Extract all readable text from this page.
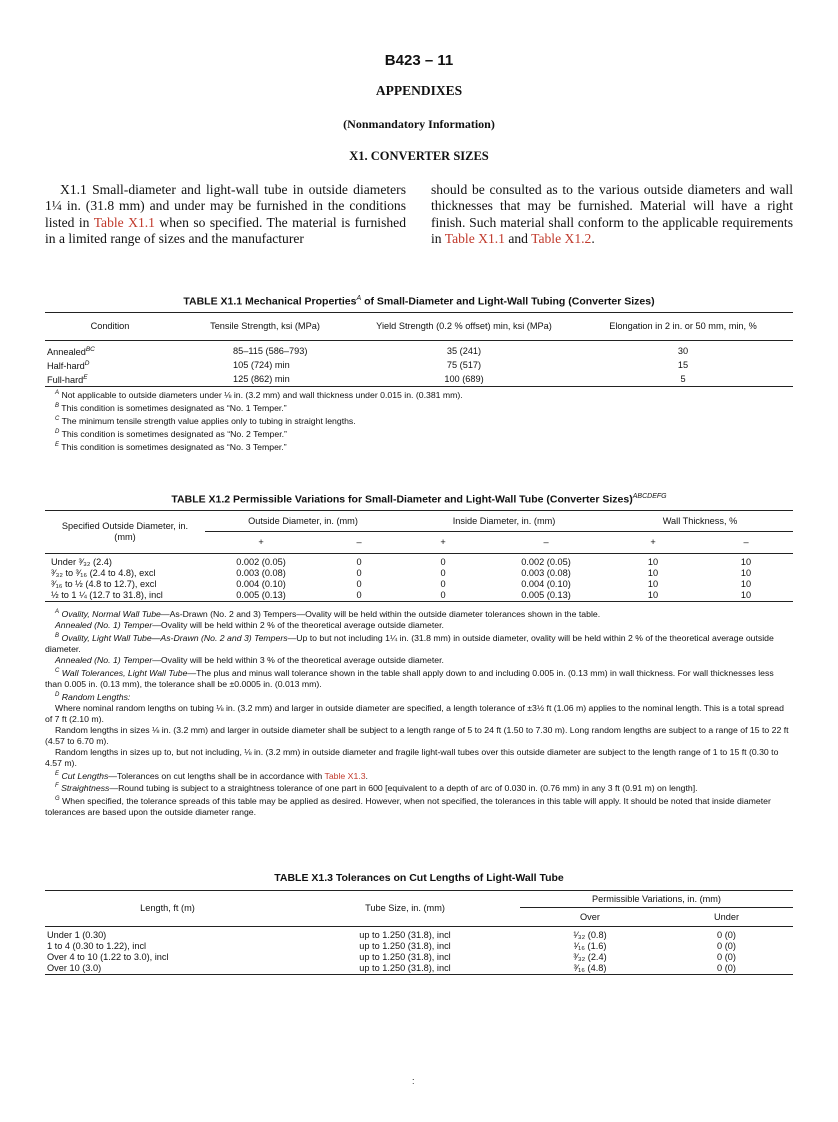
B423 – 11
APPENDIXES
(Nonmandatory Information)
X1. CONVERTER SIZES
X1.1 Small-diameter and light-wall tube in outside diameters 1¼ in. (31.8 mm) and under may be furnished in the conditions listed in Table X1.1 when so specified. The material is furnished in a limited range of sizes and the manufacturer
should be consulted as to the various outside diameters and wall thicknesses that may be furnished. Material will have a right finish. Such material shall conform to the applicable requirements in Table X1.1 and Table X1.2.
TABLE X1.1 Mechanical Properties$^A$ of Small-Diameter and Light-Wall Tubing (Converter Sizes)
Condition	Tensile Strength, ksi (MPa)	Yield Strength (0.2 % offset) min, ksi (MPa)	Elongation in 2 in. or 50 mm, min, %
Annealed$^{BC}$	85–115 (586–793)	35 (241)	30
Half-hard$^D$	105 (724) min	75 (517)	15
Full-hard$^E$	125 (862) min	100 (689)	5

$^A$ Not applicable to outside diameters under ⅛ in. (3.2 mm) and wall thickness under 0.015 in. (0.381 mm).

$^B$ This condition is sometimes designated as “No. 1 Temper.”

$^C$ The minimum tensile strength value applies only to tubing in straight lengths.

$^D$ This condition is sometimes designated as “No. 2 Temper.”

$^E$ This condition is sometimes designated as “No. 3 Temper.”

TABLE X1.2 Permissible Variations for Small-Diameter and Light-Wall Tube (Converter Sizes)$^{ABCDEFG}$
Specified Outside Diameter, in. (mm)	Outside Diameter, in. (mm)		Inside Diameter, in. (mm)		Wall Thickness, %	
	+	–	+	–	+	–
Under ³⁄₃₂ (2.4)	0.002 (0.05)	0	0	0.002 (0.05)	10	10
³⁄₃₂ to ³⁄₁₆ (2.4 to 4.8), excl	0.003 (0.08)	0	0	0.003 (0.08)	10	10
³⁄₁₆ to ½ (4.8 to 12.7), excl	0.004 (0.10)	0	0	0.004 (0.10)	10	10
½ to 1 ¼ (12.7 to 31.8), incl	0.005 (0.13)	0	0	0.005 (0.13)	10	10

$^A$ Ovality, Normal Wall Tube—As-Drawn (No. 2 and 3) Tempers—Ovality will be held within the outside diameter tolerances shown in the table.

Annealed (No. 1) Temper—Ovality will be held within 2 % of the theoretical average outside diameter.

$^B$ Ovality, Light Wall Tube—As-Drawn (No. 2 and 3) Tempers—Up to but not including 1¼ in. (31.8 mm) in outside diameter, ovality will be held within 2 % of the theoretical average outside diameter.

Annealed (No. 1) Temper—Ovality will be held within 3 % of the theoretical average outside diameter.

$^C$ Wall Tolerances, Light Wall Tube—The plus and minus wall tolerance shown in the table shall apply down to and including 0.005 in. (0.13 mm) in wall thickness. For wall thicknesses less than 0.005 in. (0.13 mm), the tolerance shall be ±0.0005 in. (0.013 mm).

$^D$ Random Lengths:

Where nominal random lengths on tubing ⅛ in. (3.2 mm) and larger in outside diameter are specified, a length tolerance of ±3½ ft (1.06 m) applies to the nominal length. This is a total spread of 7 ft (2.10 m).

Random lengths in sizes ⅛ in. (3.2 mm) and larger in outside diameter shall be subject to a length range of 5 to 24 ft (1.50 to 7.30 m). Long random lengths are subject to a range of 15 to 22 ft (4.57 to 6.70 m).

Random lengths in sizes up to, but not including, ⅛ in. (3.2 mm) in outside diameter and fragile light-wall tubes over this outside diameter are subject to the length range of 1 to 15 ft (0.30 to 4.57 m).

$^E$ Cut Lengths—Tolerances on cut lengths shall be in accordance with Table X1.3.

$^F$ Straightness—Round tubing is subject to a straightness tolerance of one part in 600 [equivalent to a depth of arc of 0.030 in. (0.76 mm) in any 3 ft (0.91 m) on length].

$^G$ When specified, the tolerance spreads of this table may be applied as desired. However, when not specified, the tolerances in this table will apply. It should be noted that inside diameter tolerances are based upon the outside diameter range.

TABLE X1.3 Tolerances on Cut Lengths of Light-Wall Tube
Length, ft (m)	Tube Size, in. (mm)	Permissible Variations, in. (mm)	
		Over	Under
Under 1 (0.30)	up to 1.250 (31.8), incl	¹⁄₃₂ (0.8)	0 (0)
1 to 4 (0.30 to 1.22), incl	up to 1.250 (31.8), incl	¹⁄₁₆ (1.6)	0 (0)
Over 4 to 10 (1.22 to 3.0), incl	up to 1.250 (31.8), incl	³⁄₃₂ (2.4)	0 (0)
Over 10 (3.0)	up to 1.250 (31.8), incl	³⁄₁₆ (4.8)	0 (0)
:
